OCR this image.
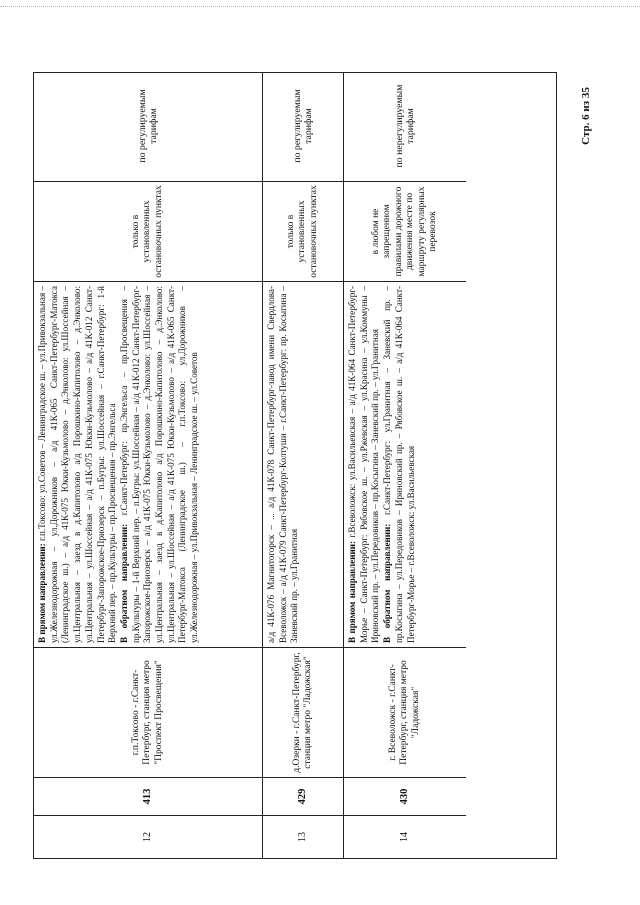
Стр. 6 из 35
12
413
г.п.Токсово - г.Санкт-Петербург, станция метро "Проспект Просвещения"

В прямом направлении: г.п.Токсово: ул.Советов – Ленинградское ш. – ул.Привокзальная – ул.Железнодорожная – ул.Дорожников – а/д 41К-065 Санкт-Петербург-Матокса (Ленинградское ш.) – а/д 41К-075 Юкки-Кузьмолово – д.Энколово: ул.Шоссейная – ул.Центральная – заезд в д.Капитолово а/д Порошкино-Капитолово – д.Энколово: ул.Центральная – ул.Шоссейная – а/д 41К-075 Юкки-Кузьмолово – а/д 41К-012 Санкт-Петербург-Запорожское-Приозерск – п.Бугры: ул.Шоссейная – г.Санкт-Петербург: 1-й Верхний пер. – пр.Культуры – пр.Просвещения – пр.Энгельса В обратном направлении: г.Санкт-Петербург: пр.Энгельса – пр.Просвещения – пр.Культуры – 1-й Верхний пер. – п.Бугры: ул.Шоссейная – а/д 41К-012 Санкт-Петербург-Запорожское-Приозерск – а/д 41К-075 Юкки-Кузьмолово – д.Энколово: ул.Шоссейная – ул.Центральная – заезд в д.Капитолово а/д Порошкино-Капитолово – д.Энколово: ул.Центральная – ул.Шоссейная – а/д 41К-075 Юкки-Кузьмолово – а/д 41К-065 Санкт-Петербург-Матокса (Ленинградское ш.) – г.п.Токсово: ул.Дорожников – ул.Железнодорожная – ул.Привокзальная – Ленинградское ш. – ул.Советов

только в установленных остановочных пунктах
по регулируемым тарифам
13
429
д.Озерки - г.Санкт-Петербург, станция метро "Ладожская"

а/д 41К-076 Магнитогорск – ... а/д 41К-078 Санкт-Петербург-завод имени Свердлова-Всеволожск – а/д 41К-079 Санкт-Петербург-Колтуши – г.Санкт-Петербург: пр. Косыгина – Заневский пр. – ул.Гранитная

только в установленных остановочных пунктах
по регулируемым тарифам
14
430
г. Всеволожск - г.Санкт-Петербург, станция метро "Ладожская"

В прямом направлении: г.Всеволожск: ул.Васильевская – а/д 41К-064 Санкт-Петербург-Морье – Санкт-Петербург: Рябовское ш. – ул.Ржевская – ул.Красина – ул.Коммуны – Ириновский пр. – ул.Передовиков – пр.Косыгина – Заневский пр. – ул.Гранитная В обратном направлении: г.Санкт-Петербург: ул.Гранитная – Заневский пр. – пр.Косыгина – ул.Передовиков – Ириновский пр. – Рябовское ш. – а/д 41К-064 Санкт-Петербург-Морье – г.Всеволожск: ул.Васильевская

в любом не запрещенном правилами дорожного движения месте по маршруту регулярных перевозок
по нерегулируемым тарифам
